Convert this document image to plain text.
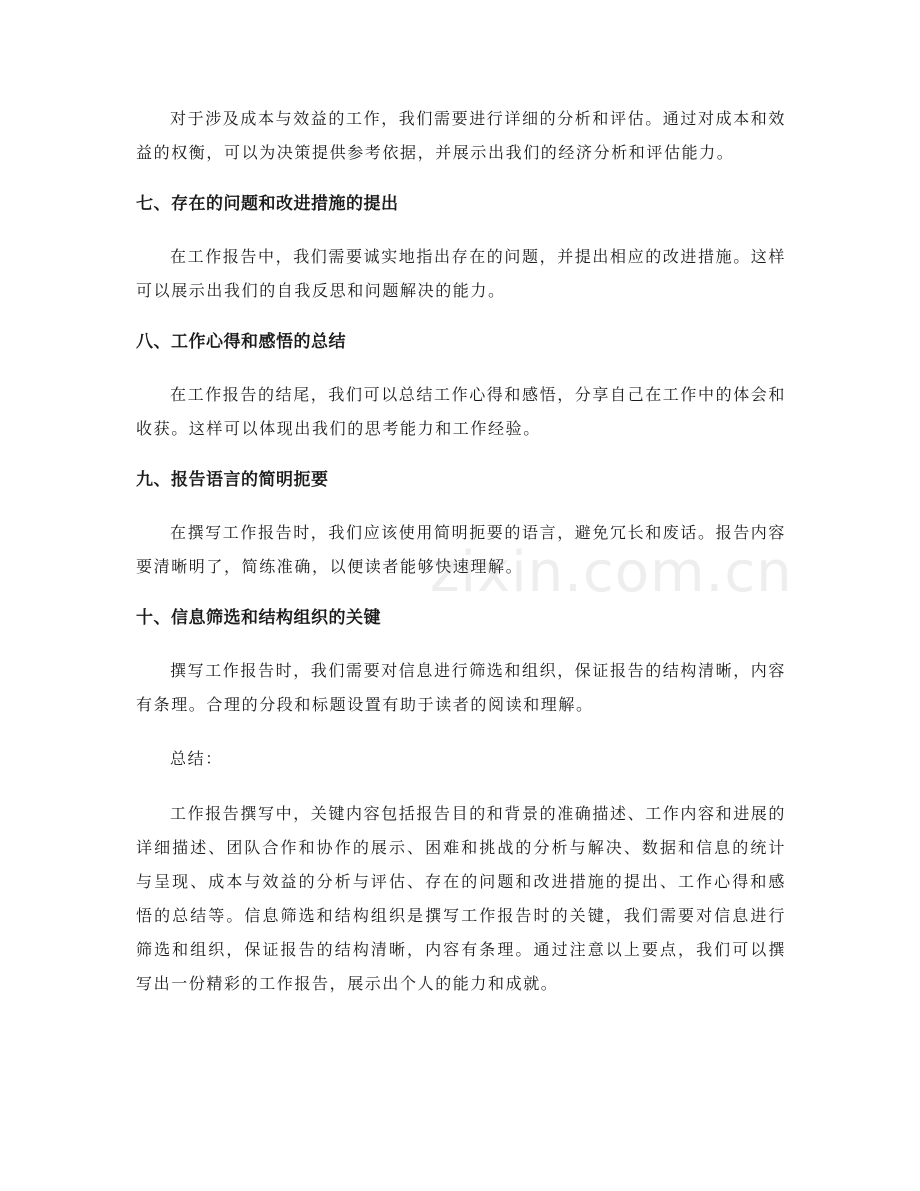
对于涉及成本与效益的工作，我们需要进行详细的分析和评估。通过对成本和效益的权衡，可以为决策提供参考依据，并展示出我们的经济分析和评估能力。

七、存在的问题和改进措施的提出

在工作报告中，我们需要诚实地指出存在的问题，并提出相应的改进措施。这样可以展示出我们的自我反思和问题解决的能力。

八、工作心得和感悟的总结

在工作报告的结尾，我们可以总结工作心得和感悟，分享自己在工作中的体会和收获。这样可以体现出我们的思考能力和工作经验。

九、报告语言的简明扼要

在撰写工作报告时，我们应该使用简明扼要的语言，避免冗长和废话。报告内容要清晰明了，简练准确，以便读者能够快速理解。

十、信息筛选和结构组织的关键

撰写工作报告时，我们需要对信息进行筛选和组织，保证报告的结构清晰，内容有条理。合理的分段和标题设置有助于读者的阅读和理解。

总结：

工作报告撰写中，关键内容包括报告目的和背景的准确描述、工作内容和进展的详细描述、团队合作和协作的展示、困难和挑战的分析与解决、数据和信息的统计与呈现、成本与效益的分析与评估、存在的问题和改进措施的提出、工作心得和感悟的总结等。信息筛选和结构组织是撰写工作报告时的关键，我们需要对信息进行筛选和组织，保证报告的结构清晰，内容有条理。通过注意以上要点，我们可以撰写出一份精彩的工作报告，展示出个人的能力和成就。

zixin.com.cn
